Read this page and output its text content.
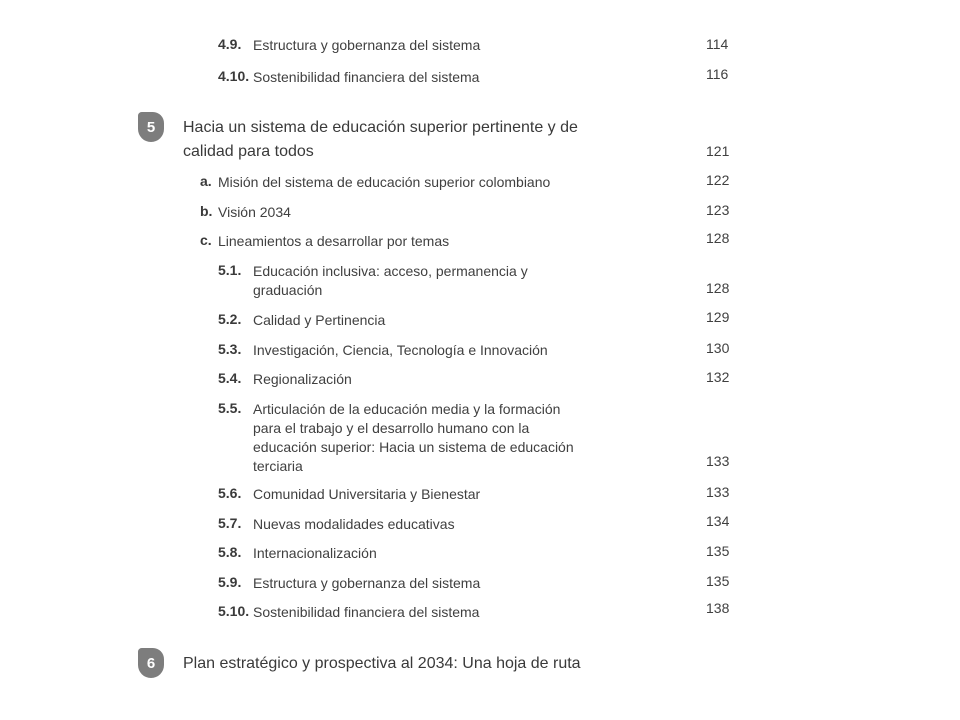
4.9. Estructura y gobernanza del sistema	114
4.10. Sostenibilidad financiera del sistema	116
5	Hacia un sistema de educación superior pertinente y de
calidad para todos	121
a. Misión del sistema de educación superior colombiano	122
b. Visión 2034	123
c. Lineamientos a desarrollar por temas	128
5.1. Educación inclusiva: acceso, permanencia y
graduación	128
5.2. Calidad y Pertinencia	129
5.3. Investigación, Ciencia, Tecnología e Innovación	130
5.4. Regionalización	132
5.5. Articulación de la educación media y la formación
para el trabajo y el desarrollo humano con la
educación superior: Hacia un sistema de educación
terciaria	133
5.6. Comunidad Universitaria y Bienestar	133
5.7. Nuevas modalidades educativas	134
5.8. Internacionalización	135
5.9. Estructura y gobernanza del sistema	135
5.10. Sostenibilidad financiera del sistema	138
6	Plan estratégico y prospectiva al 2034: Una hoja de ruta
